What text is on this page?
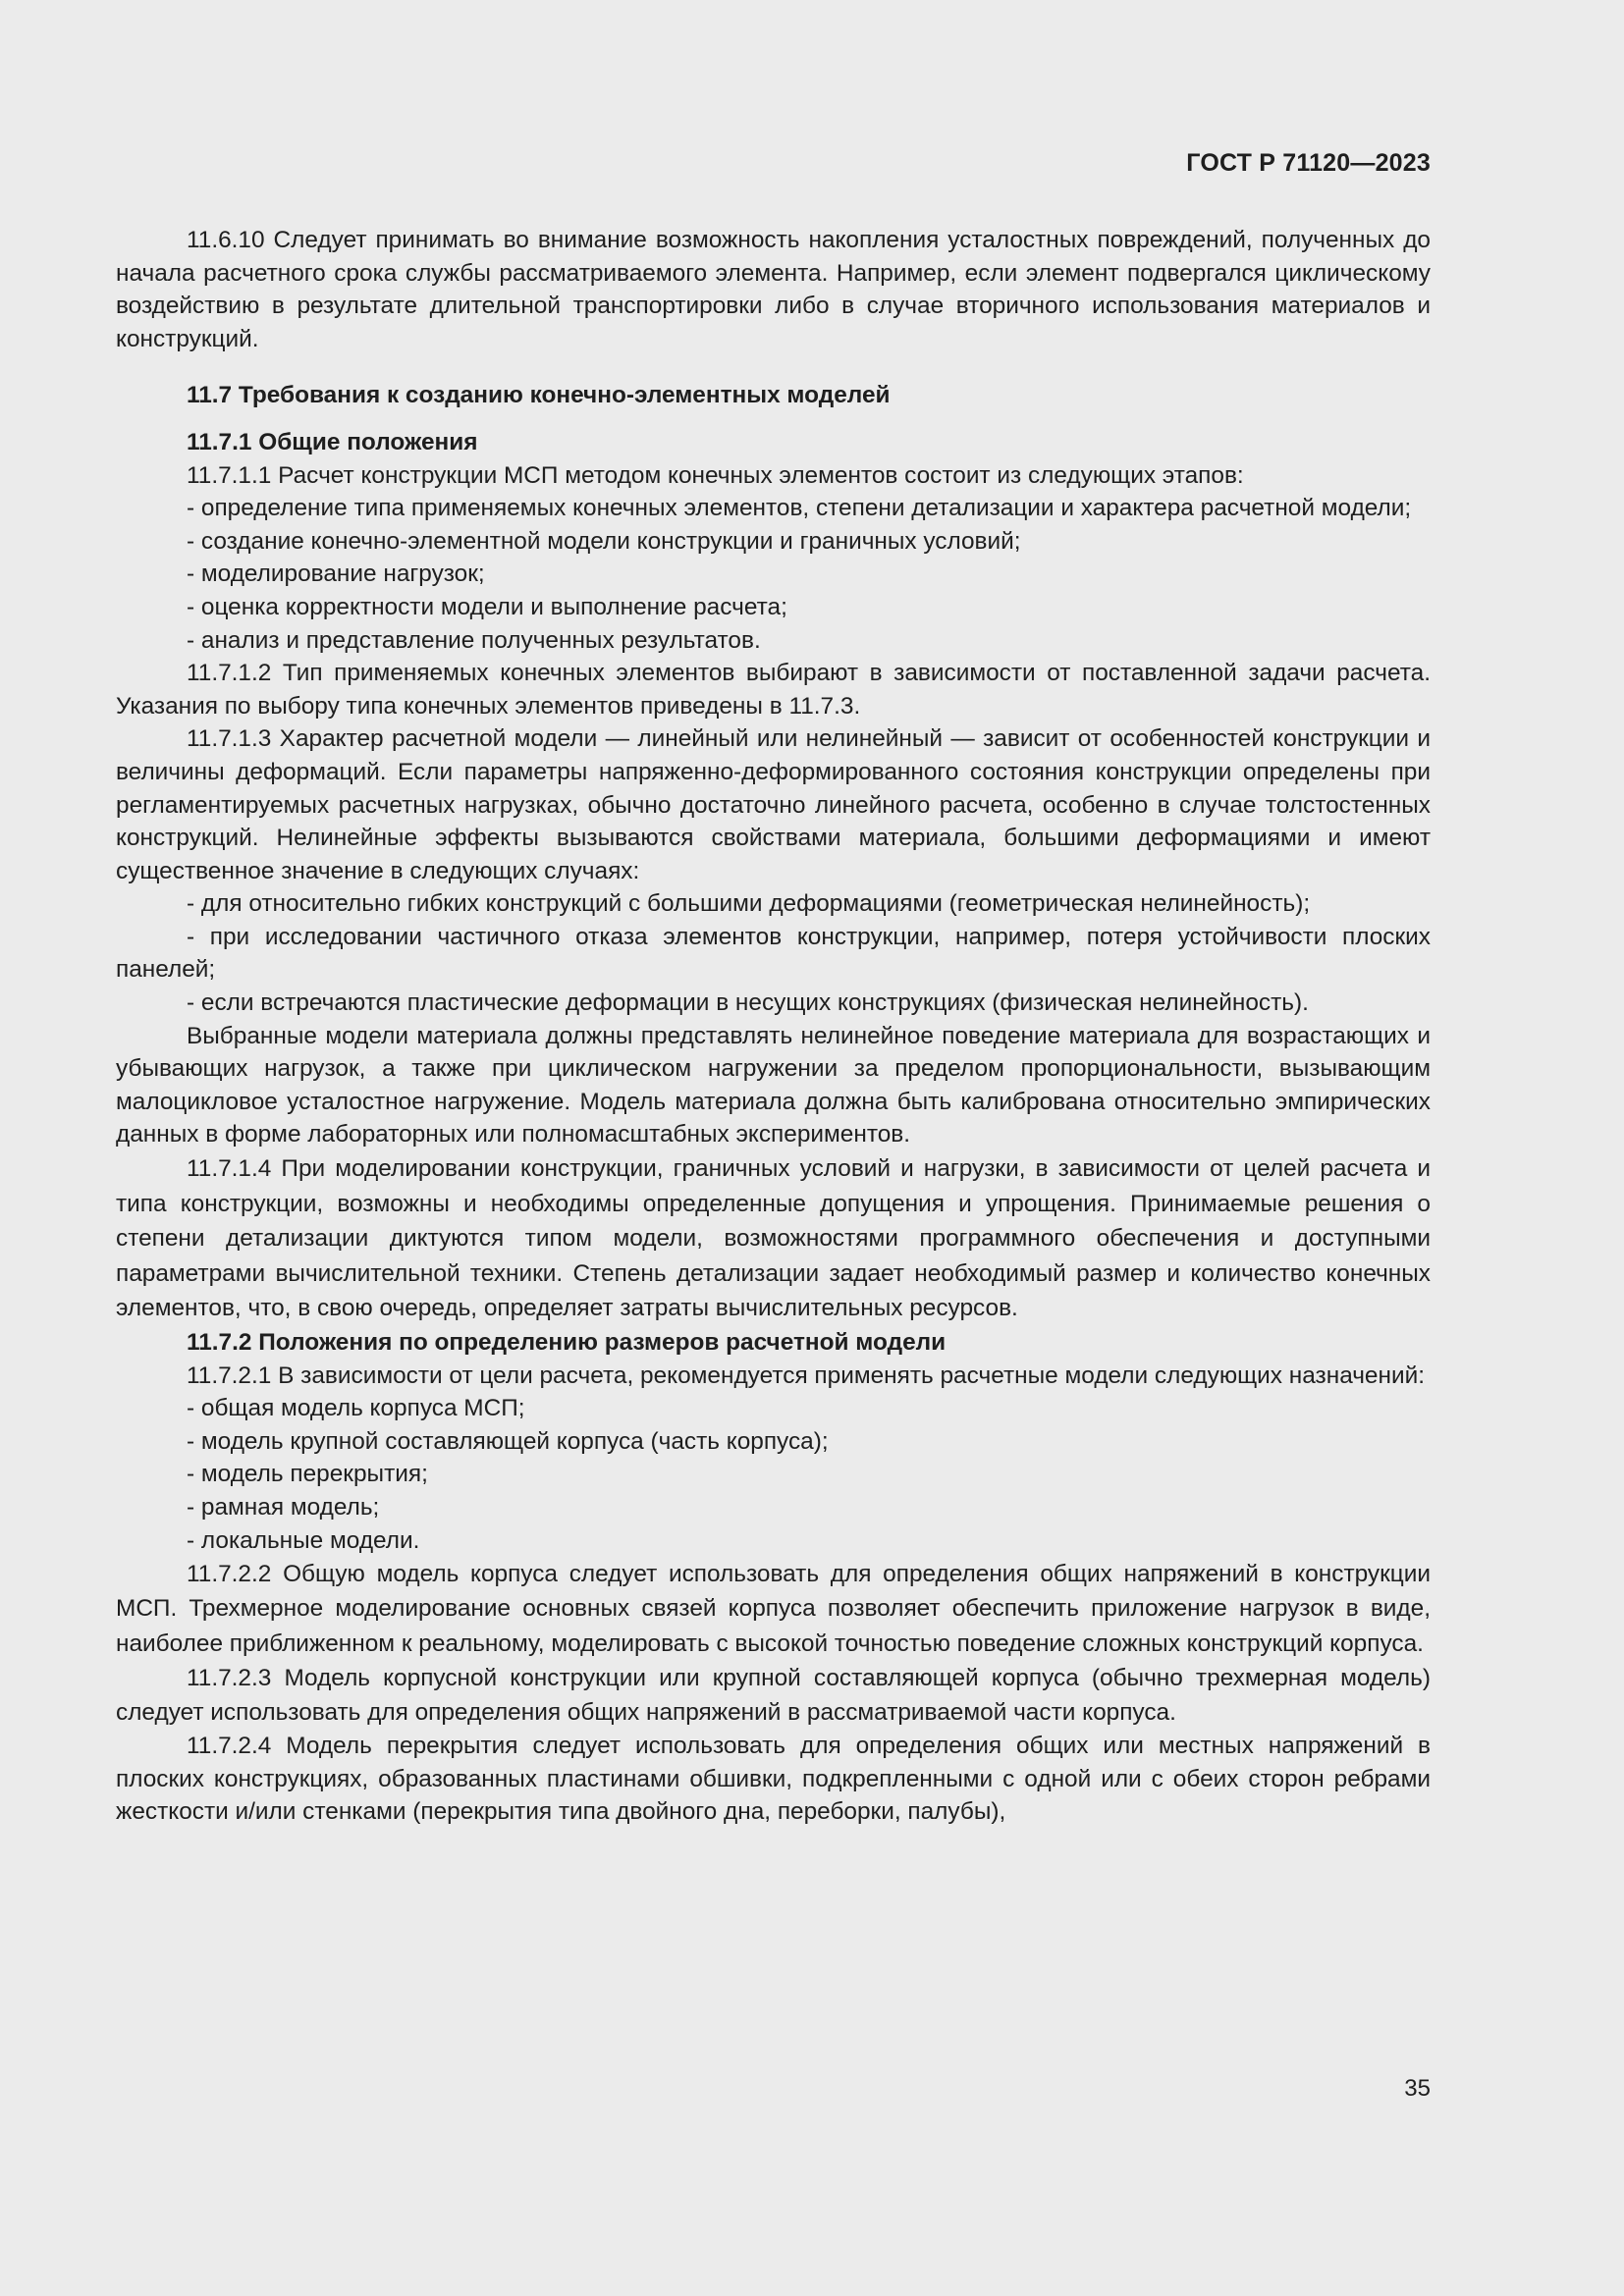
ГОСТ Р 71120—2023

11.6.10 Следует принимать во внимание возможность накопления усталостных повреждений, полученных до начала расчетного срока службы рассматриваемого элемента. Например, если элемент подвергался циклическому воздействию в результате длительной транспортировки либо в случае вторичного использования материалов и конструкций.

11.7 Требования к созданию конечно-элементных моделей

11.7.1 Общие положения

11.7.1.1 Расчет конструкции МСП методом конечных элементов состоит из следующих этапов:

- определение типа применяемых конечных элементов, степени детализации и характера расчетной модели;

- создание конечно-элементной модели конструкции и граничных условий;

- моделирование нагрузок;

- оценка корректности модели и выполнение расчета;

- анализ и представление полученных результатов.

11.7.1.2 Тип применяемых конечных элементов выбирают в зависимости от поставленной задачи расчета. Указания по выбору типа конечных элементов приведены в 11.7.3.

11.7.1.3 Характер расчетной модели — линейный или нелинейный — зависит от особенностей конструкции и величины деформаций. Если параметры напряженно-деформированного состояния конструкции определены при регламентируемых расчетных нагрузках, обычно достаточно линейного расчета, особенно в случае толстостенных конструкций. Нелинейные эффекты вызываются свойствами материала, большими деформациями и имеют существенное значение в следующих случаях:

- для относительно гибких конструкций с большими деформациями (геометрическая нелинейность);

- при исследовании частичного отказа элементов конструкции, например, потеря устойчивости плоских панелей;

- если встречаются пластические деформации в несущих конструкциях (физическая нелинейность).

Выбранные модели материала должны представлять нелинейное поведение материала для возрастающих и убывающих нагрузок, а также при циклическом нагружении за пределом пропорциональности, вызывающим малоцикловое усталостное нагружение. Модель материала должна быть калибрована относительно эмпирических данных в форме лабораторных или полномасштабных экспериментов.

11.7.1.4 При моделировании конструкции, граничных условий и нагрузки, в зависимости от целей расчета и типа конструкции, возможны и необходимы определенные допущения и упрощения. Принимаемые решения о степени детализации диктуются типом модели, возможностями программного обеспечения и доступными параметрами вычислительной техники. Степень детализации задает необходимый размер и количество конечных элементов, что, в свою очередь, определяет затраты вычислительных ресурсов.

11.7.2 Положения по определению размеров расчетной модели

11.7.2.1 В зависимости от цели расчета, рекомендуется применять расчетные модели следующих назначений:

- общая модель корпуса МСП;

- модель крупной составляющей корпуса (часть корпуса);

- модель перекрытия;

- рамная модель;

- локальные модели.

11.7.2.2 Общую модель корпуса следует использовать для определения общих напряжений в конструкции МСП. Трехмерное моделирование основных связей корпуса позволяет обеспечить приложение нагрузок в виде, наиболее приближенном к реальному, моделировать с высокой точностью поведение сложных конструкций корпуса.

11.7.2.3 Модель корпусной конструкции или крупной составляющей корпуса (обычно трехмерная модель) следует использовать для определения общих напряжений в рассматриваемой части корпуса.

11.7.2.4 Модель перекрытия следует использовать для определения общих или местных напряжений в плоских конструкциях, образованных пластинами обшивки, подкрепленными с одной или с обеих сторон ребрами жесткости и/или стенками (перекрытия типа двойного дна, переборки, палубы),

35
